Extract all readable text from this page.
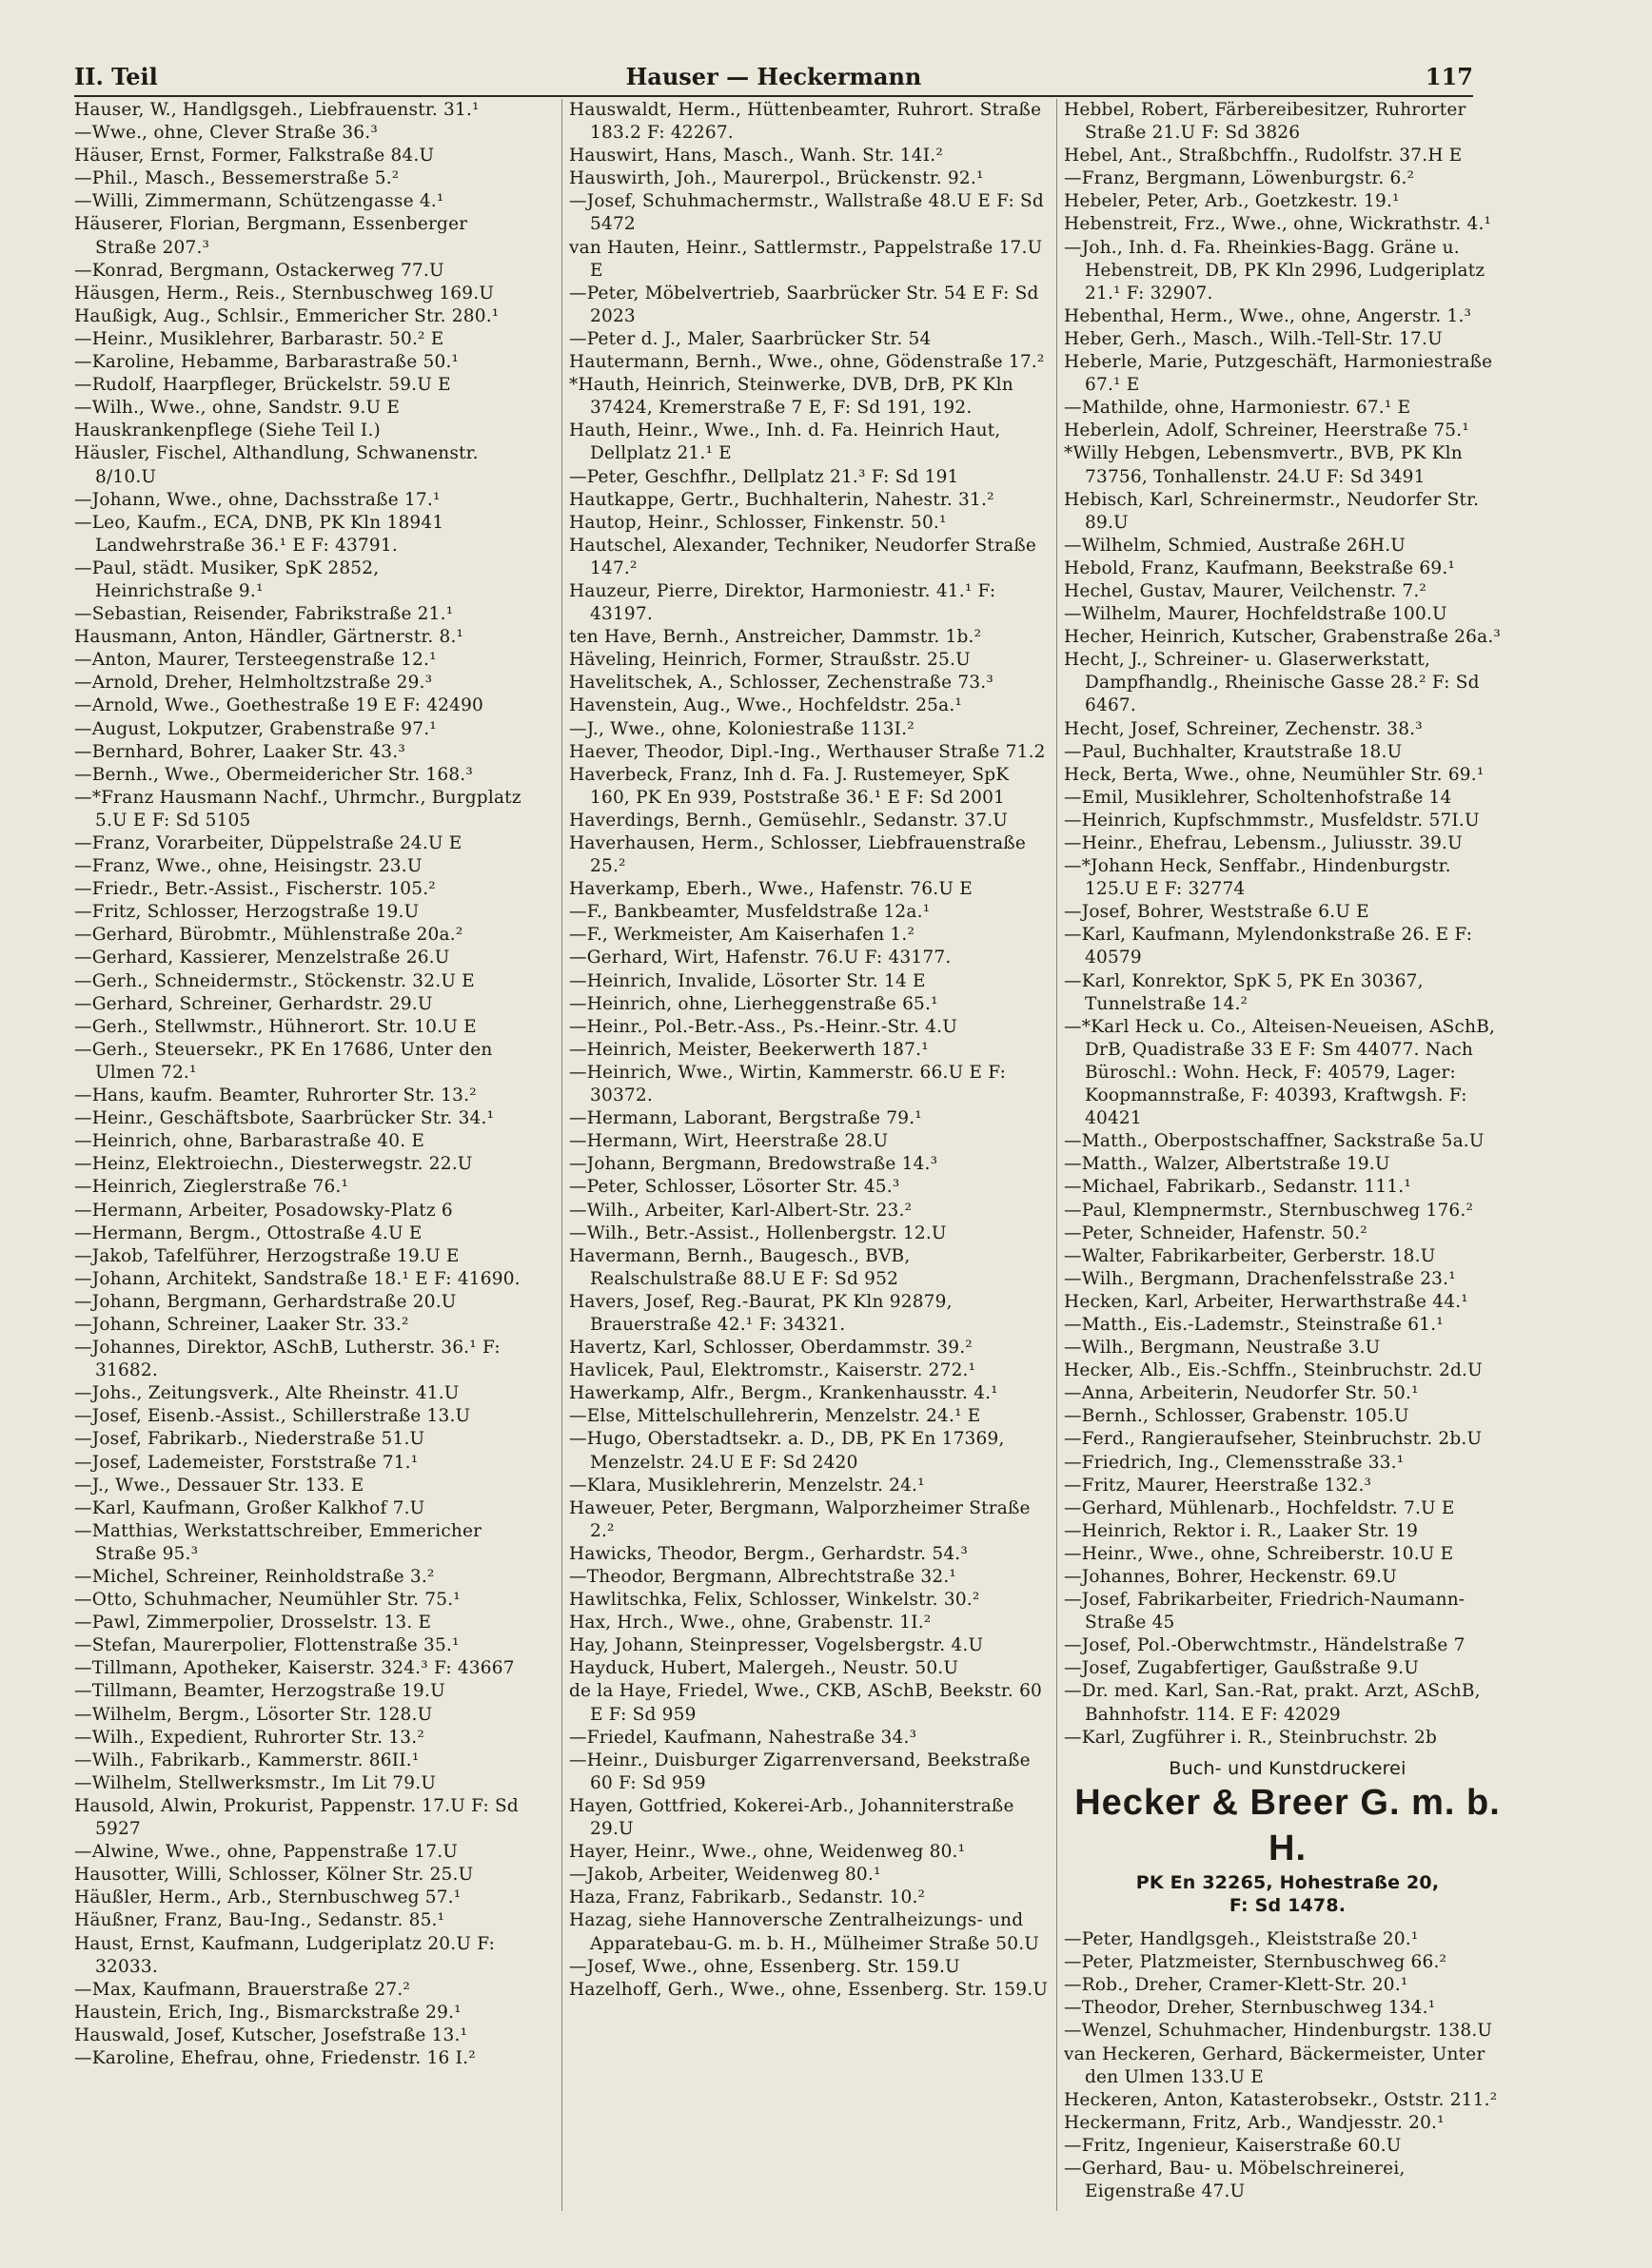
II. Teil	Hauser — Heckermann	117

Hauser, W., Handlgsgeh., Liebfrauenstr. 31.¹

—Wwe., ohne, Clever Straße 36.³

Häuser, Ernst, Former, Falkstraße 84.U

—Phil., Masch., Bessemerstraße 5.²

—Willi, Zimmermann, Schützengasse 4.¹

Häuserer, Florian, Bergmann, Essenberger Straße 207.³

—Konrad, Bergmann, Ostackerweg 77.U

Häusgen, Herm., Reis., Sternbuschweg 169.U

Haußigk, Aug., Schlsir., Emmericher Str. 280.¹

—Heinr., Musiklehrer, Barbarastr. 50.² E

—Karoline, Hebamme, Barbarastraße 50.¹

—Rudolf, Haarpfleger, Brückelstr. 59.U E

—Wilh., Wwe., ohne, Sandstr. 9.U E

Hauskrankenpflege (Siehe Teil I.)

Häusler, Fischel, Althandlung, Schwanenstr. 8/10.U

—Johann, Wwe., ohne, Dachsstraße 17.¹

—Leo, Kaufm., ECA, DNB, PK Kln 18941 Landwehrstraße 36.¹ E F: 43791.

—Paul, städt. Musiker, SpK 2852, Heinrichstraße 9.¹

—Sebastian, Reisender, Fabrikstraße 21.¹

Hausmann, Anton, Händler, Gärtnerstr. 8.¹

—Anton, Maurer, Tersteegenstraße 12.¹

—Arnold, Dreher, Helmholtzstraße 29.³

—Arnold, Wwe., Goethestraße 19 E F: 42490

—August, Lokputzer, Grabenstraße 97.¹

—Bernhard, Bohrer, Laaker Str. 43.³

—Bernh., Wwe., Obermeidericher Str. 168.³

—*Franz Hausmann Nachf., Uhrmchr., Burgplatz 5.U E F: Sd 5105

—Franz, Vorarbeiter, Düppelstraße 24.U E

—Franz, Wwe., ohne, Heisingstr. 23.U

—Friedr., Betr.-Assist., Fischerstr. 105.²

—Fritz, Schlosser, Herzogstraße 19.U

—Gerhard, Bürobmtr., Mühlenstraße 20a.²

—Gerhard, Kassierer, Menzelstraße 26.U

—Gerh., Schneidermstr., Stöckenstr. 32.U E

—Gerhard, Schreiner, Gerhardstr. 29.U

—Gerh., Stellwmstr., Hühnerort. Str. 10.U E

—Gerh., Steuersekr., PK En 17686, Unter den Ulmen 72.¹

—Hans, kaufm. Beamter, Ruhrorter Str. 13.²

—Heinr., Geschäftsbote, Saarbrücker Str. 34.¹

—Heinrich, ohne, Barbarastraße 40. E

—Heinz, Elektroiechn., Diesterwegstr. 22.U

—Heinrich, Zieglerstraße 76.¹

—Hermann, Arbeiter, Posadowsky-Platz 6

—Hermann, Bergm., Ottostraße 4.U E

—Jakob, Tafelführer, Herzogstraße 19.U E

—Johann, Architekt, Sandstraße 18.¹ E F: 41690.

—Johann, Bergmann, Gerhardstraße 20.U

—Johann, Schreiner, Laaker Str. 33.²

—Johannes, Direktor, ASchB, Lutherstr. 36.¹ F: 31682.

—Johs., Zeitungsverk., Alte Rheinstr. 41.U

—Josef, Eisenb.-Assist., Schillerstraße 13.U

—Josef, Fabrikarb., Niederstraße 51.U

—Josef, Lademeister, Forststraße 71.¹

—J., Wwe., Dessauer Str. 133. E

—Karl, Kaufmann, Großer Kalkhof 7.U

—Matthias, Werkstattschreiber, Emmericher Straße 95.³

—Michel, Schreiner, Reinholdstraße 3.²

—Otto, Schuhmacher, Neumühler Str. 75.¹

—Pawl, Zimmerpolier, Drosselstr. 13. E

—Stefan, Maurerpolier, Flottenstraße 35.¹

—Tillmann, Apotheker, Kaiserstr. 324.³ F: 43667

—Tillmann, Beamter, Herzogstraße 19.U

—Wilhelm, Bergm., Lösorter Str. 128.U

—Wilh., Expedient, Ruhrorter Str. 13.²

—Wilh., Fabrikarb., Kammerstr. 86II.¹

—Wilhelm, Stellwerksmstr., Im Lit 79.U

Hausold, Alwin, Prokurist, Pappenstr. 17.U F: Sd 5927

—Alwine, Wwe., ohne, Pappenstraße 17.U

Hausotter, Willi, Schlosser, Kölner Str. 25.U

Häußler, Herm., Arb., Sternbuschweg 57.¹

Häußner, Franz, Bau-Ing., Sedanstr. 85.¹

Haust, Ernst, Kaufmann, Ludgeriplatz 20.U F: 32033.

—Max, Kaufmann, Brauerstraße 27.²

Haustein, Erich, Ing., Bismarckstraße 29.¹

Hauswald, Josef, Kutscher, Josefstraße 13.¹

—Karoline, Ehefrau, ohne, Friedenstr. 16 I.²

Hauswaldt, Herm., Hüttenbeamter, Ruhrort. Straße 183.2 F: 42267.

Hauswirt, Hans, Masch., Wanh. Str. 14I.²

Hauswirth, Joh., Maurerpol., Brückenstr. 92.¹

—Josef, Schuhmachermstr., Wallstraße 48.U E F: Sd 5472

van Hauten, Heinr., Sattlermstr., Pappelstraße 17.U E

—Peter, Möbelvertrieb, Saarbrücker Str. 54 E F: Sd 2023

—Peter d. J., Maler, Saarbrücker Str. 54

Hautermann, Bernh., Wwe., ohne, Gödenstraße 17.²

*Hauth, Heinrich, Steinwerke, DVB, DrB, PK Kln 37424, Kremerstraße 7 E, F: Sd 191, 192.

Hauth, Heinr., Wwe., Inh. d. Fa. Heinrich Haut, Dellplatz 21.¹ E

—Peter, Geschfhr., Dellplatz 21.³ F: Sd 191

Hautkappe, Gertr., Buchhalterin, Nahestr. 31.²

Hautop, Heinr., Schlosser, Finkenstr. 50.¹

Hautschel, Alexander, Techniker, Neudorfer Straße 147.²

Hauzeur, Pierre, Direktor, Harmoniestr. 41.¹ F: 43197.

ten Have, Bernh., Anstreicher, Dammstr. 1b.²

Häveling, Heinrich, Former, Straußstr. 25.U

Havelitschek, A., Schlosser, Zechenstraße 73.³

Havenstein, Aug., Wwe., Hochfeldstr. 25a.¹

—J., Wwe., ohne, Koloniestraße 113I.²

Haever, Theodor, Dipl.-Ing., Werthauser Straße 71.2

Haverbeck, Franz, Inh d. Fa. J. Rustemeyer, SpK 160, PK En 939, Poststraße 36.¹ E F: Sd 2001

Haverdings, Bernh., Gemüsehlr., Sedanstr. 37.U

Haverhausen, Herm., Schlosser, Liebfrauenstraße 25.²

Haverkamp, Eberh., Wwe., Hafenstr. 76.U E

—F., Bankbeamter, Musfeldstraße 12a.¹

—F., Werkmeister, Am Kaiserhafen 1.²

—Gerhard, Wirt, Hafenstr. 76.U F: 43177.

—Heinrich, Invalide, Lösorter Str. 14 E

—Heinrich, ohne, Lierheggenstraße 65.¹

—Heinr., Pol.-Betr.-Ass., Ps.-Heinr.-Str. 4.U

—Heinrich, Meister, Beekerwerth 187.¹

—Heinrich, Wwe., Wirtin, Kammerstr. 66.U E F: 30372.

—Hermann, Laborant, Bergstraße 79.¹

—Hermann, Wirt, Heerstraße 28.U

—Johann, Bergmann, Bredowstraße 14.³

—Peter, Schlosser, Lösorter Str. 45.³

—Wilh., Arbeiter, Karl-Albert-Str. 23.²

—Wilh., Betr.-Assist., Hollenbergstr. 12.U

Havermann, Bernh., Baugesch., BVB, Realschulstraße 88.U E F: Sd 952

Havers, Josef, Reg.-Baurat, PK Kln 92879, Brauerstraße 42.¹ F: 34321.

Havertz, Karl, Schlosser, Oberdammstr. 39.²

Havlicek, Paul, Elektromstr., Kaiserstr. 272.¹

Hawerkamp, Alfr., Bergm., Krankenhausstr. 4.¹

—Else, Mittelschullehrerin, Menzelstr. 24.¹ E

—Hugo, Oberstadtsekr. a. D., DB, PK En 17369, Menzelstr. 24.U E F: Sd 2420

—Klara, Musiklehrerin, Menzelstr. 24.¹

Haweuer, Peter, Bergmann, Walporzheimer Straße 2.²

Hawicks, Theodor, Bergm., Gerhardstr. 54.³

—Theodor, Bergmann, Albrechtstraße 32.¹

Hawlitschka, Felix, Schlosser, Winkelstr. 30.²

Hax, Hrch., Wwe., ohne, Grabenstr. 1I.²

Hay, Johann, Steinpresser, Vogelsbergstr. 4.U

Hayduck, Hubert, Malergeh., Neustr. 50.U

de la Haye, Friedel, Wwe., CKB, ASchB, Beekstr. 60 E F: Sd 959

—Friedel, Kaufmann, Nahestraße 34.³

—Heinr., Duisburger Zigarrenversand, Beekstraße 60 F: Sd 959

Hayen, Gottfried, Kokerei-Arb., Johanniterstraße 29.U

Hayer, Heinr., Wwe., ohne, Weidenweg 80.¹

—Jakob, Arbeiter, Weidenweg 80.¹

Haza, Franz, Fabrikarb., Sedanstr. 10.²

Hazag, siehe Hannoversche Zentralheizungs- und Apparatebau-G. m. b. H., Mülheimer Straße 50.U

—Josef, Wwe., ohne, Essenberg. Str. 159.U

Hazelhoff, Gerh., Wwe., ohne, Essenberg. Str. 159.U

Hebbel, Robert, Färbereibesitzer, Ruhrorter Straße 21.U F: Sd 3826

Hebel, Ant., Straßbchffn., Rudolfstr. 37.H E

—Franz, Bergmann, Löwenburgstr. 6.²

Hebeler, Peter, Arb., Goetzkestr. 19.¹

Hebenstreit, Frz., Wwe., ohne, Wickrathstr. 4.¹

—Joh., Inh. d. Fa. Rheinkies-Bagg. Gräne u. Hebenstreit, DB, PK Kln 2996, Ludgeriplatz 21.¹ F: 32907.

Hebenthal, Herm., Wwe., ohne, Angerstr. 1.³

Heber, Gerh., Masch., Wilh.-Tell-Str. 17.U

Heberle, Marie, Putzgeschäft, Harmoniestraße 67.¹ E

—Mathilde, ohne, Harmoniestr. 67.¹ E

Heberlein, Adolf, Schreiner, Heerstraße 75.¹

*Willy Hebgen, Lebensmvertr., BVB, PK Kln 73756, Tonhallenstr. 24.U F: Sd 3491

Hebisch, Karl, Schreinermstr., Neudorfer Str. 89.U

—Wilhelm, Schmied, Austraße 26H.U

Hebold, Franz, Kaufmann, Beekstraße 69.¹

Hechel, Gustav, Maurer, Veilchenstr. 7.²

—Wilhelm, Maurer, Hochfeldstraße 100.U

Hecher, Heinrich, Kutscher, Grabenstraße 26a.³

Hecht, J., Schreiner- u. Glaserwerkstatt, Dampfhandlg., Rheinische Gasse 28.² F: Sd 6467.

Hecht, Josef, Schreiner, Zechenstr. 38.³

—Paul, Buchhalter, Krautstraße 18.U

Heck, Berta, Wwe., ohne, Neumühler Str. 69.¹

—Emil, Musiklehrer, Scholtenhofstraße 14

—Heinrich, Kupfschmmstr., Musfeldstr. 57I.U

—Heinr., Ehefrau, Lebensm., Juliusstr. 39.U

—*Johann Heck, Senffabr., Hindenburgstr. 125.U E F: 32774

—Josef, Bohrer, Weststraße 6.U E

—Karl, Kaufmann, Mylendonkstraße 26. E F: 40579

—Karl, Konrektor, SpK 5, PK En 30367, Tunnelstraße 14.²

—*Karl Heck u. Co., Alteisen-Neueisen, ASchB, DrB, Quadistraße 33 E F: Sm 44077. Nach Büroschl.: Wohn. Heck, F: 40579, Lager: Koopmannstraße, F: 40393, Kraftwgsh. F: 40421

—Matth., Oberpostschaffner, Sackstraße 5a.U

—Matth., Walzer, Albertstraße 19.U

—Michael, Fabrikarb., Sedanstr. 111.¹

—Paul, Klempnermstr., Sternbuschweg 176.²

—Peter, Schneider, Hafenstr. 50.²

—Walter, Fabrikarbeiter, Gerberstr. 18.U

—Wilh., Bergmann, Drachenfelsstraße 23.¹

Hecken, Karl, Arbeiter, Herwarthstraße 44.¹

—Matth., Eis.-Lademstr., Steinstraße 61.¹

—Wilh., Bergmann, Neustraße 3.U

Hecker, Alb., Eis.-Schffn., Steinbruchstr. 2d.U

—Anna, Arbeiterin, Neudorfer Str. 50.¹

—Bernh., Schlosser, Grabenstr. 105.U

—Ferd., Rangieraufseher, Steinbruchstr. 2b.U

—Friedrich, Ing., Clemensstraße 33.¹

—Fritz, Maurer, Heerstraße 132.³

—Gerhard, Mühlenarb., Hochfeldstr. 7.U E

—Heinrich, Rektor i. R., Laaker Str. 19

—Heinr., Wwe., ohne, Schreiberstr. 10.U E

—Johannes, Bohrer, Heckenstr. 69.U

—Josef, Fabrikarbeiter, Friedrich-Naumann-Straße 45

—Josef, Pol.-Oberwchtmstr., Händelstraße 7

—Josef, Zugabfertiger, Gaußstraße 9.U

—Dr. med. Karl, San.-Rat, prakt. Arzt, ASchB, Bahnhofstr. 114. E F: 42029

—Karl, Zugführer i. R., Steinbruchstr. 2b

Buch- und Kunstdruckerei
Hecker & Breer G. m. b. H.
PK En 32265, Hohestraße 20,
F: Sd 1478.

—Peter, Handlgsgeh., Kleiststraße 20.¹

—Peter, Platzmeister, Sternbuschweg 66.²

—Rob., Dreher, Cramer-Klett-Str. 20.¹

—Theodor, Dreher, Sternbuschweg 134.¹

—Wenzel, Schuhmacher, Hindenburgstr. 138.U

van Heckeren, Gerhard, Bäckermeister, Unter den Ulmen 133.U E

Heckeren, Anton, Katasterobsekr., Oststr. 211.²

Heckermann, Fritz, Arb., Wandjesstr. 20.¹

—Fritz, Ingenieur, Kaiserstraße 60.U

—Gerhard, Bau- u. Möbelschreinerei, Eigenstraße 47.U
